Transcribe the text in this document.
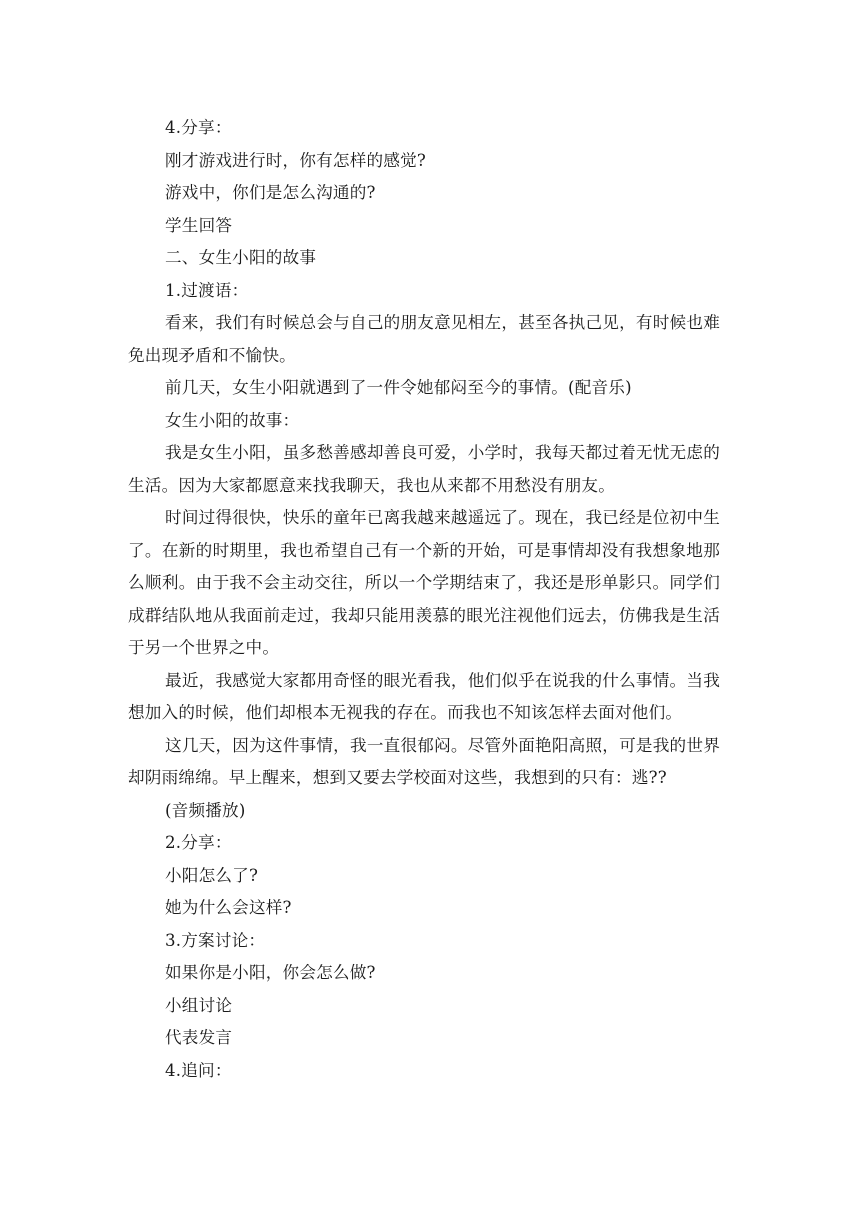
4.分享：

刚才游戏进行时，你有怎样的感觉?

游戏中，你们是怎么沟通的?

学生回答

二、女生小阳的故事

1.过渡语：

看来，我们有时候总会与自己的朋友意见相左，甚至各执己见，有时候也难免出现矛盾和不愉快。

前几天，女生小阳就遇到了一件令她郁闷至今的事情。(配音乐)

女生小阳的故事：

我是女生小阳，虽多愁善感却善良可爱，小学时，我每天都过着无忧无虑的生活。因为大家都愿意来找我聊天，我也从来都不用愁没有朋友。

时间过得很快，快乐的童年已离我越来越遥远了。现在，我已经是位初中生了。在新的时期里，我也希望自己有一个新的开始，可是事情却没有我想象地那么顺利。由于我不会主动交往，所以一个学期结束了，我还是形单影只。同学们成群结队地从我面前走过，我却只能用羡慕的眼光注视他们远去，仿佛我是生活于另一个世界之中。

最近，我感觉大家都用奇怪的眼光看我，他们似乎在说我的什么事情。当我想加入的时候，他们却根本无视我的存在。而我也不知该怎样去面对他们。

这几天，因为这件事情，我一直很郁闷。尽管外面艳阳高照，可是我的世界却阴雨绵绵。早上醒来，想到又要去学校面对这些，我想到的只有：逃??

(音频播放)

2.分享：

小阳怎么了?

她为什么会这样?

3.方案讨论：

如果你是小阳，你会怎么做?

小组讨论

代表发言

4.追问：
